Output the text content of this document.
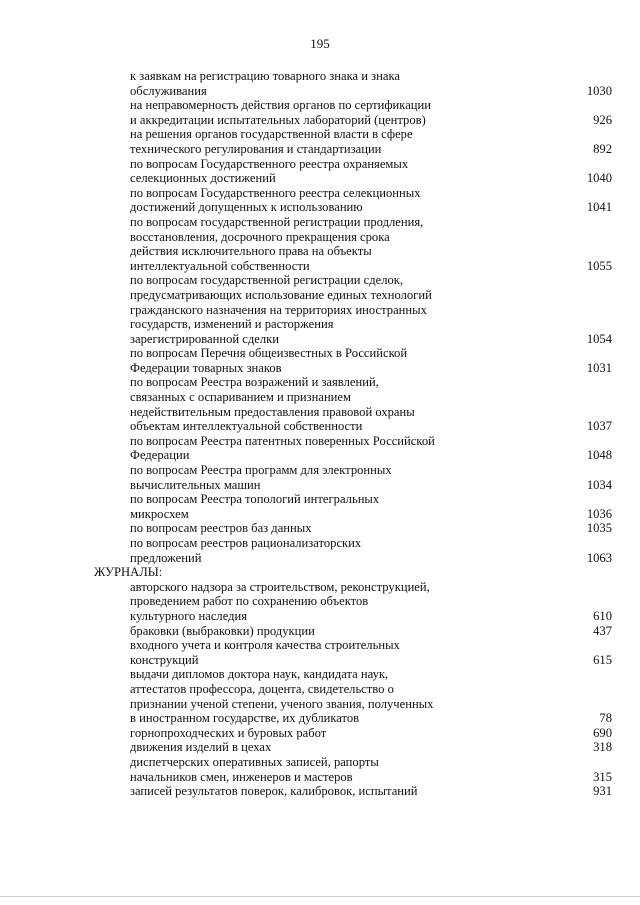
195
к заявкам на регистрацию товарного знака и знака обслуживания	1030
на неправомерность действия органов по сертификации и аккредитации испытательных лабораторий (центров)	926
на решения органов государственной власти в сфере технического регулирования и стандартизации	892
по вопросам Государственного реестра охраняемых селекционных достижений	1040
по вопросам Государственного реестра селекционных достижений допущенных к использованию	1041
по вопросам государственной регистрации продления, восстановления, досрочного прекращения срока действия исключительного права на объекты интеллектуальной собственности	1055
по вопросам государственной регистрации сделок, предусматривающих использование единых технологий гражданского назначения на территориях иностранных государств, изменений и расторжения зарегистрированной сделки	1054
по вопросам Перечня общеизвестных в Российской Федерации товарных знаков	1031
по вопросам Реестра возражений и заявлений, связанных с оспариванием и признанием недействительным предоставления правовой охраны объектам интеллектуальной собственности	1037
по вопросам Реестра патентных поверенных Российской Федерации	1048
по вопросам Реестра программ для электронных вычислительных машин	1034
по вопросам Реестра топологий интегральных микросхем	1036
по вопросам реестров баз данных	1035
по вопросам реестров рационализаторских предложений	1063
ЖУРНАЛЫ:
авторского надзора за строительством, реконструкцией, проведением работ по сохранению объектов культурного наследия	610
браковки (выбраковки) продукции	437
входного учета и контроля качества строительных конструкций	615
выдачи дипломов доктора наук, кандидата наук, аттестатов профессора, доцента, свидетельство о признании ученой степени, ученого звания, полученных в иностранном государстве, их дубликатов	78
горнопроходческих и буровых работ	690
движения изделий в цехах	318
диспетчерских оперативных записей, рапорты начальников смен, инженеров и мастеров	315
записей результатов поверок, калибровок, испытаний	931
